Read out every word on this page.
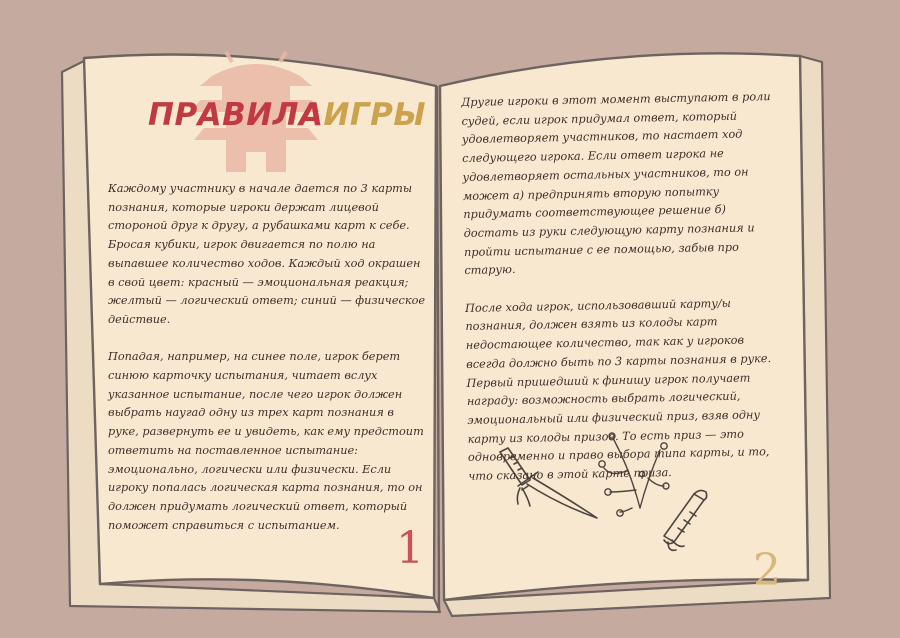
ПРАВИЛАИГРЫ

Каждому участнику в начале дается по 3 карты познания, которые игроки держат лицевой стороной друг к другу, а рубашками карт к себе. Бросая кубики, игрок двигается по полю на выпавшее количество ходов. Каждый ход окрашен в свой цвет: красный — эмоциональная реакция; желтый — логический ответ; синий — физическое действие.

Попадая, например, на синее поле, игрок берет синюю карточку испытания, читает вслух указанное испытание, после чего игрок должен выбрать наугад одну из трех карт познания в руке, развернуть ее и увидеть, как ему предстоит ответить на поставленное испытание: эмоционально, логически или физически. Если игроку попалась логическая карта познания, то он должен придумать логический ответ, который поможет справиться с испытанием.

Другие игроки в этот момент выступают в роли судей, если игрок придумал ответ, который удовлетворяет участников, то настает ход следующего игрока. Если ответ игрока не удовлетворяет остальных участников, то он может а) предпринять вторую попытку придумать соответствующее решение б) достать из руки следующую карту познания и пройти испытание с ее помощью, забыв про старую.

После хода игрок, использовавший карту/ы познания, должен взять из колоды карт недостающее количество, так как у игроков всегда должно быть по 3 карты познания в руке. Первый пришедший к финишу игрок получает награду: возможность выбрать логический, эмоциональный или физический приз, взяв одну карту из колоды призов. То есть приз — это одновременно и право выбора типа карты, и то, что сказано в этой карте приза.

1	2
